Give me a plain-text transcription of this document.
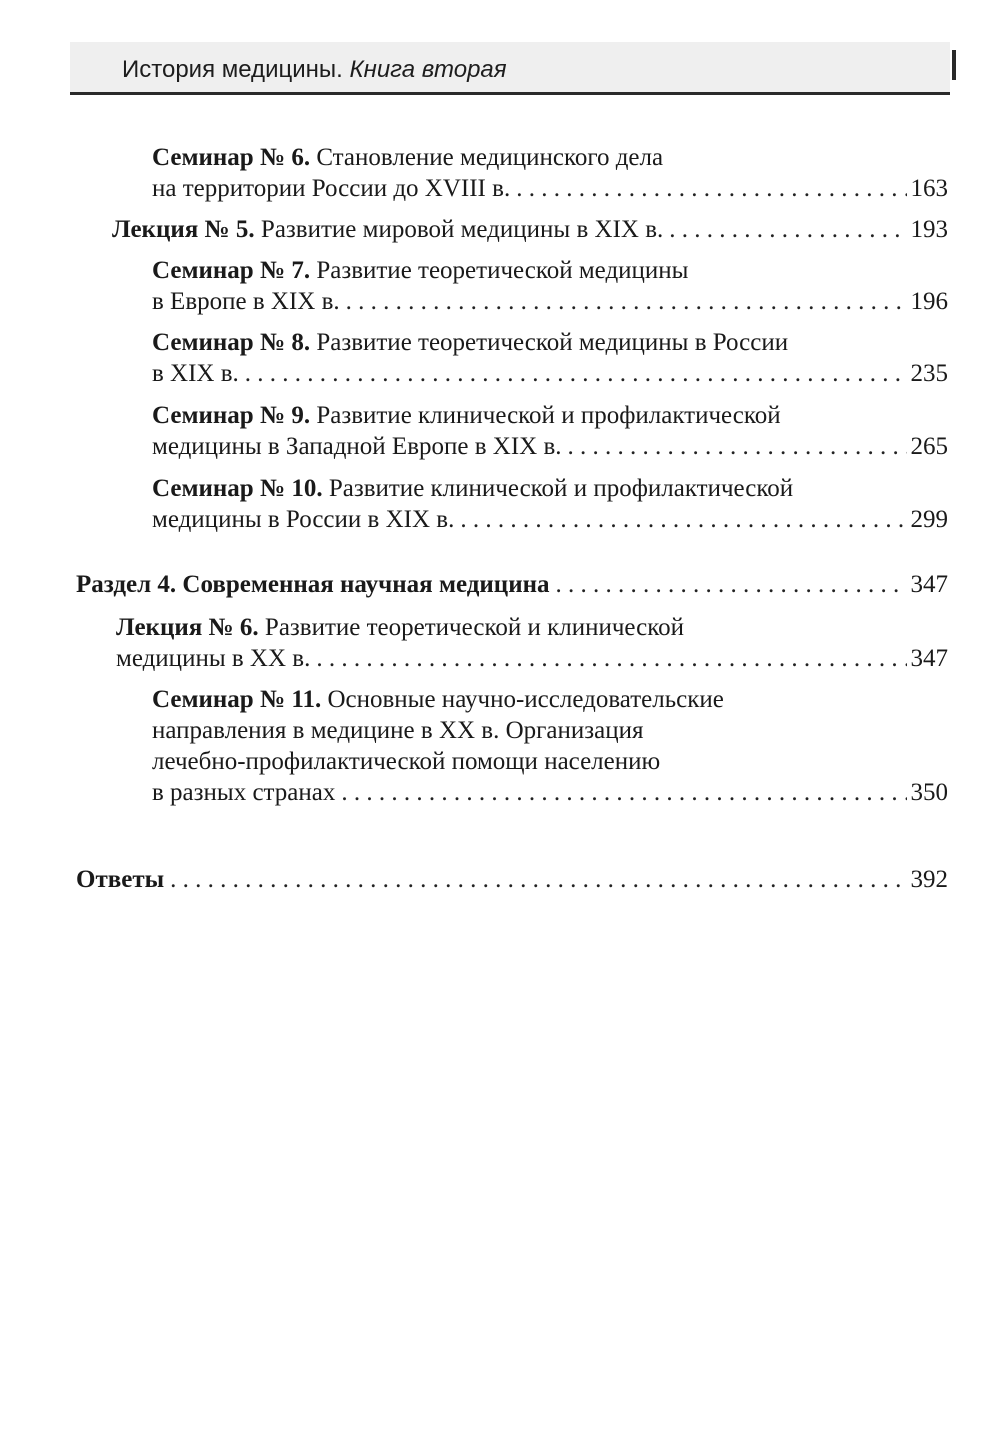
История медицины. Книга вторая
Семинар № 6. Становление медицинского дела
на территории России до XVIII в. . . .	163
Лекция № 5.
Развитие мировой медицины в XIX в. . . .	193
Семинар № 7. Развитие теоретической медицины
в Европе в XIX в. . . .	196
Семинар № 8. Развитие теоретической медицины в России
в XIX в. . . .	235
Семинар № 9. Развитие клинической и профилактической
медицины в Западной Европе в XIX в. . . .	265
Семинар № 10. Развитие клинической и профилактической
медицины в России в XIX в. . . .	299
Раздел 4. Современная научная медицина . . .	347
Лекция № 6. Развитие теоретической и клинической
медицины в XX в. . . .	347
Семинар № 11. Основные научно-исследовательские
направления в медицине в XX в. Организация
лечебно-профилактической помощи населению
в разных странах . . .	350
Ответы . . .	392
